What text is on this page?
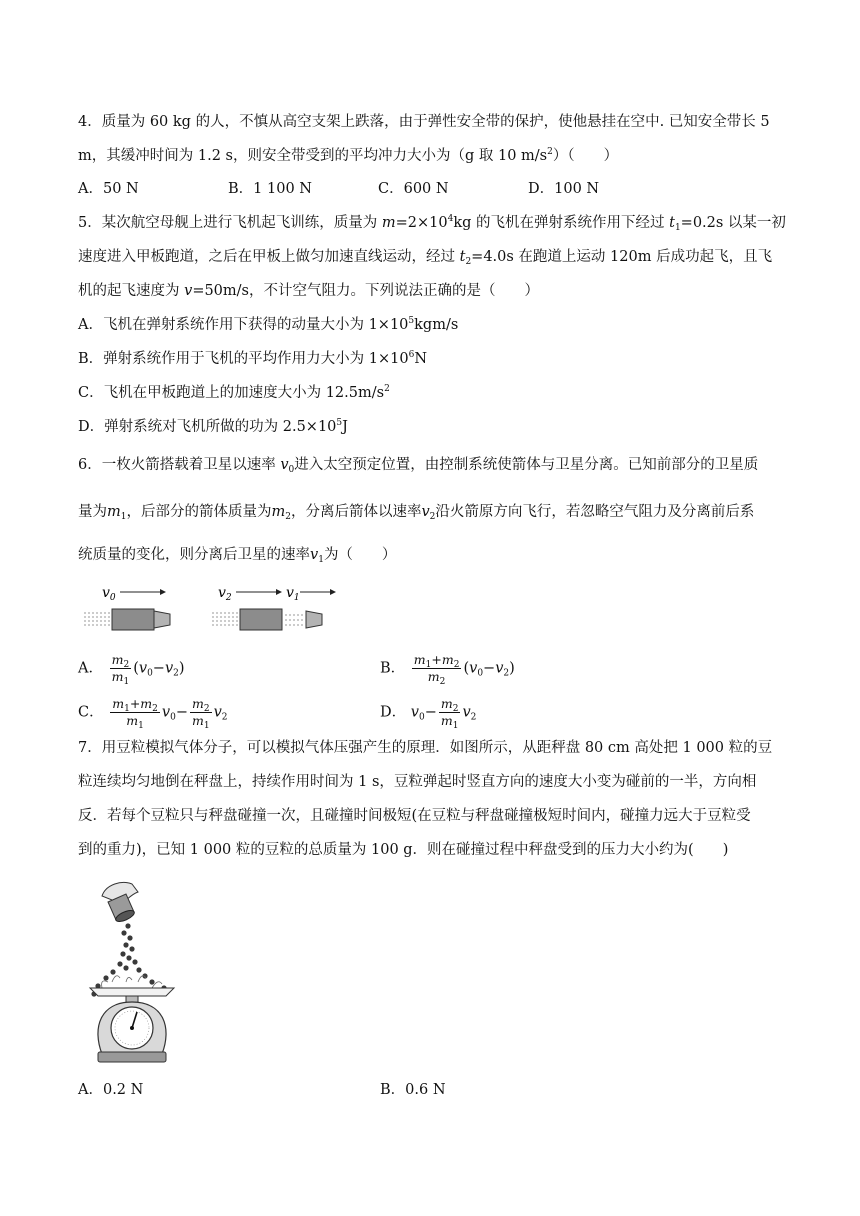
4．质量为 60 kg 的人，不慎从高空支架上跌落，由于弹性安全带的保护，使他悬挂在空中. 已知安全带长 5
m，其缓冲时间为 1.2 s，则安全带受到的平均冲力大小为（g 取 10 $m/s^2$）（　　）
A．50 N	B．1 100 N	C．600 N	D．100 N
5．某次航空母舰上进行飞机起飞训练，质量为 $m=2\times 10^4kg$ 的飞机在弹射系统作用下经过 $t_1=0.2s$ 以某一初
速度进入甲板跑道，之后在甲板上做匀加速直线运动，经过 $t_2=4.0s$ 在跑道上运动 120m 后成功起飞，且飞
机的起飞速度为 v=50m/s，不计空气阻力。下列说法正确的是（　　）
A．飞机在弹射系统作用下获得的动量大小为 $1\times 10^5kgm/s$
B．弹射系统作用于飞机的平均作用力大小为 $1\times 10^6N$
C．飞机在甲板跑道上的加速度大小为 $12.5m/s^2$
D．弹射系统对飞机所做的功为 $2.5\times 10^5J$
6．一枚火箭搭载着卫星以速率 $v_0$进入太空预定位置，由控制系统使箭体与卫星分离。已知前部分的卫星质
量为$m_1$，后部分的箭体质量为$m_2$，分离后箭体以速率$v_2$沿火箭原方向飞行，若忽略空气阻力及分离前后系
统质量的变化，则分离后卫星的速率$v_1$为（　　）
$v_0$	$v_2$	$v_1$
A． $\frac{m_2}{m_1} (v_0-v_2)$	B． $\frac{m_1+m_2}{m_2} (v_0-v_2)$
C． $\frac{m_1+m_2}{m_1} v_0- \frac{m_2}{m_1} v_2$	D． $v_0- \frac{m_2}{m_1} v_2$
7．用豆粒模拟气体分子，可以模拟气体压强产生的原理．如图所示，从距秤盘 80 cm 高处把 1 000 粒的豆
粒连续均匀地倒在秤盘上，持续作用时间为 1 s，豆粒弹起时竖直方向的速度大小变为碰前的一半，方向相
反．若每个豆粒只与秤盘碰撞一次，且碰撞时间极短(在豆粒与秤盘碰撞极短时间内，碰撞力远大于豆粒受
到的重力)，已知 1 000 粒的豆粒的总质量为 100 g．则在碰撞过程中秤盘受到的压力大小约为(　　)
A．0.2 N	B．0.6 N
